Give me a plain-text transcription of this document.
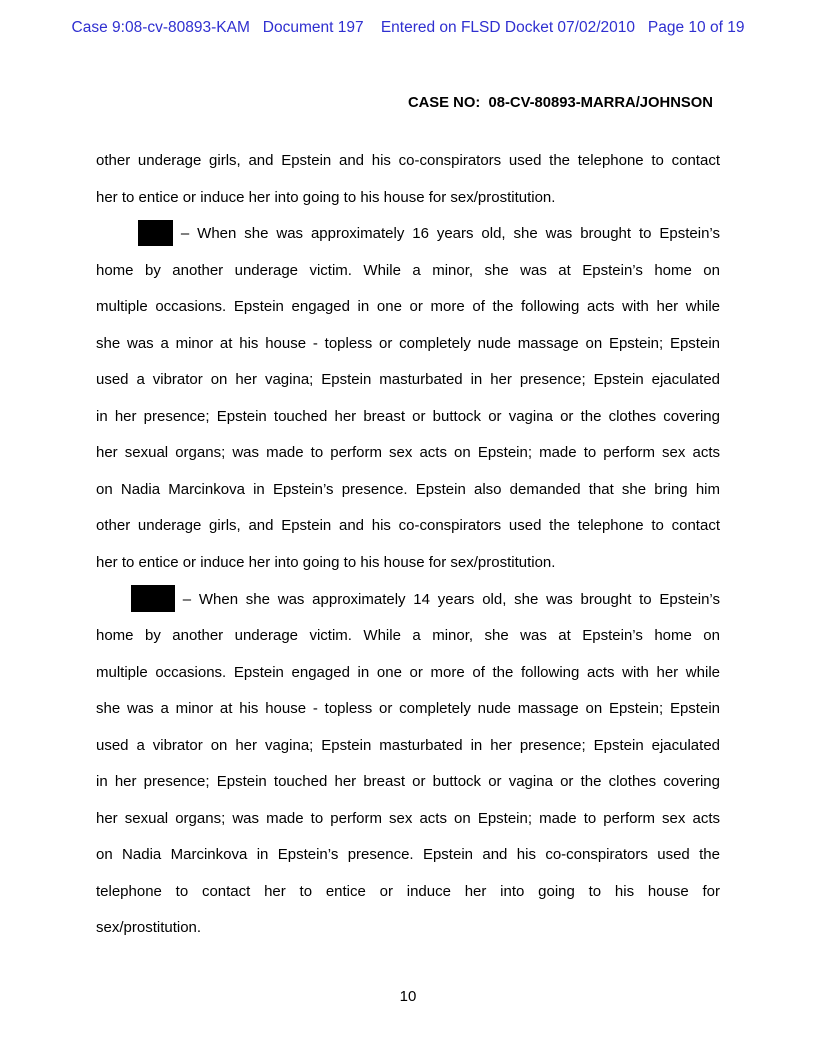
Case 9:08-cv-80893-KAM   Document 197    Entered on FLSD Docket 07/02/2010   Page 10 of 19
CASE NO:  08-CV-80893-MARRA/JOHNSON
other underage girls, and Epstein and his co-conspirators used the telephone to contact
her to entice or induce her into going to his house for sex/prostitution.
– When she was approximately 16 years old, she was brought to Epstein’s
home by another underage victim. While a minor, she was at Epstein’s home on
multiple occasions. Epstein engaged in one or more of the following acts with her while
she was a minor at his house - topless or completely nude massage on Epstein; Epstein
used a vibrator on her vagina; Epstein masturbated in her presence; Epstein ejaculated
in her presence; Epstein touched her breast or buttock or vagina or the clothes covering
her sexual organs; was made to perform sex acts on Epstein; made to perform sex acts
on Nadia Marcinkova in Epstein’s presence. Epstein also demanded that she bring him
other underage girls, and Epstein and his co-conspirators used the telephone to contact
her to entice or induce her into going to his house for sex/prostitution.
– When she was approximately 14 years old, she was brought to Epstein’s
home by another underage victim. While a minor, she was at Epstein’s home on
multiple occasions. Epstein engaged in one or more of the following acts with her while
she was a minor at his house - topless or completely nude massage on Epstein; Epstein
used a vibrator on her vagina; Epstein masturbated in her presence; Epstein ejaculated
in her presence; Epstein touched her breast or buttock or vagina or the clothes covering
her sexual organs; was made to perform sex acts on Epstein; made to perform sex acts
on Nadia Marcinkova in Epstein’s presence. Epstein and his co-conspirators used the
telephone to contact her to entice or induce her into going to his house for
sex/prostitution.
10
